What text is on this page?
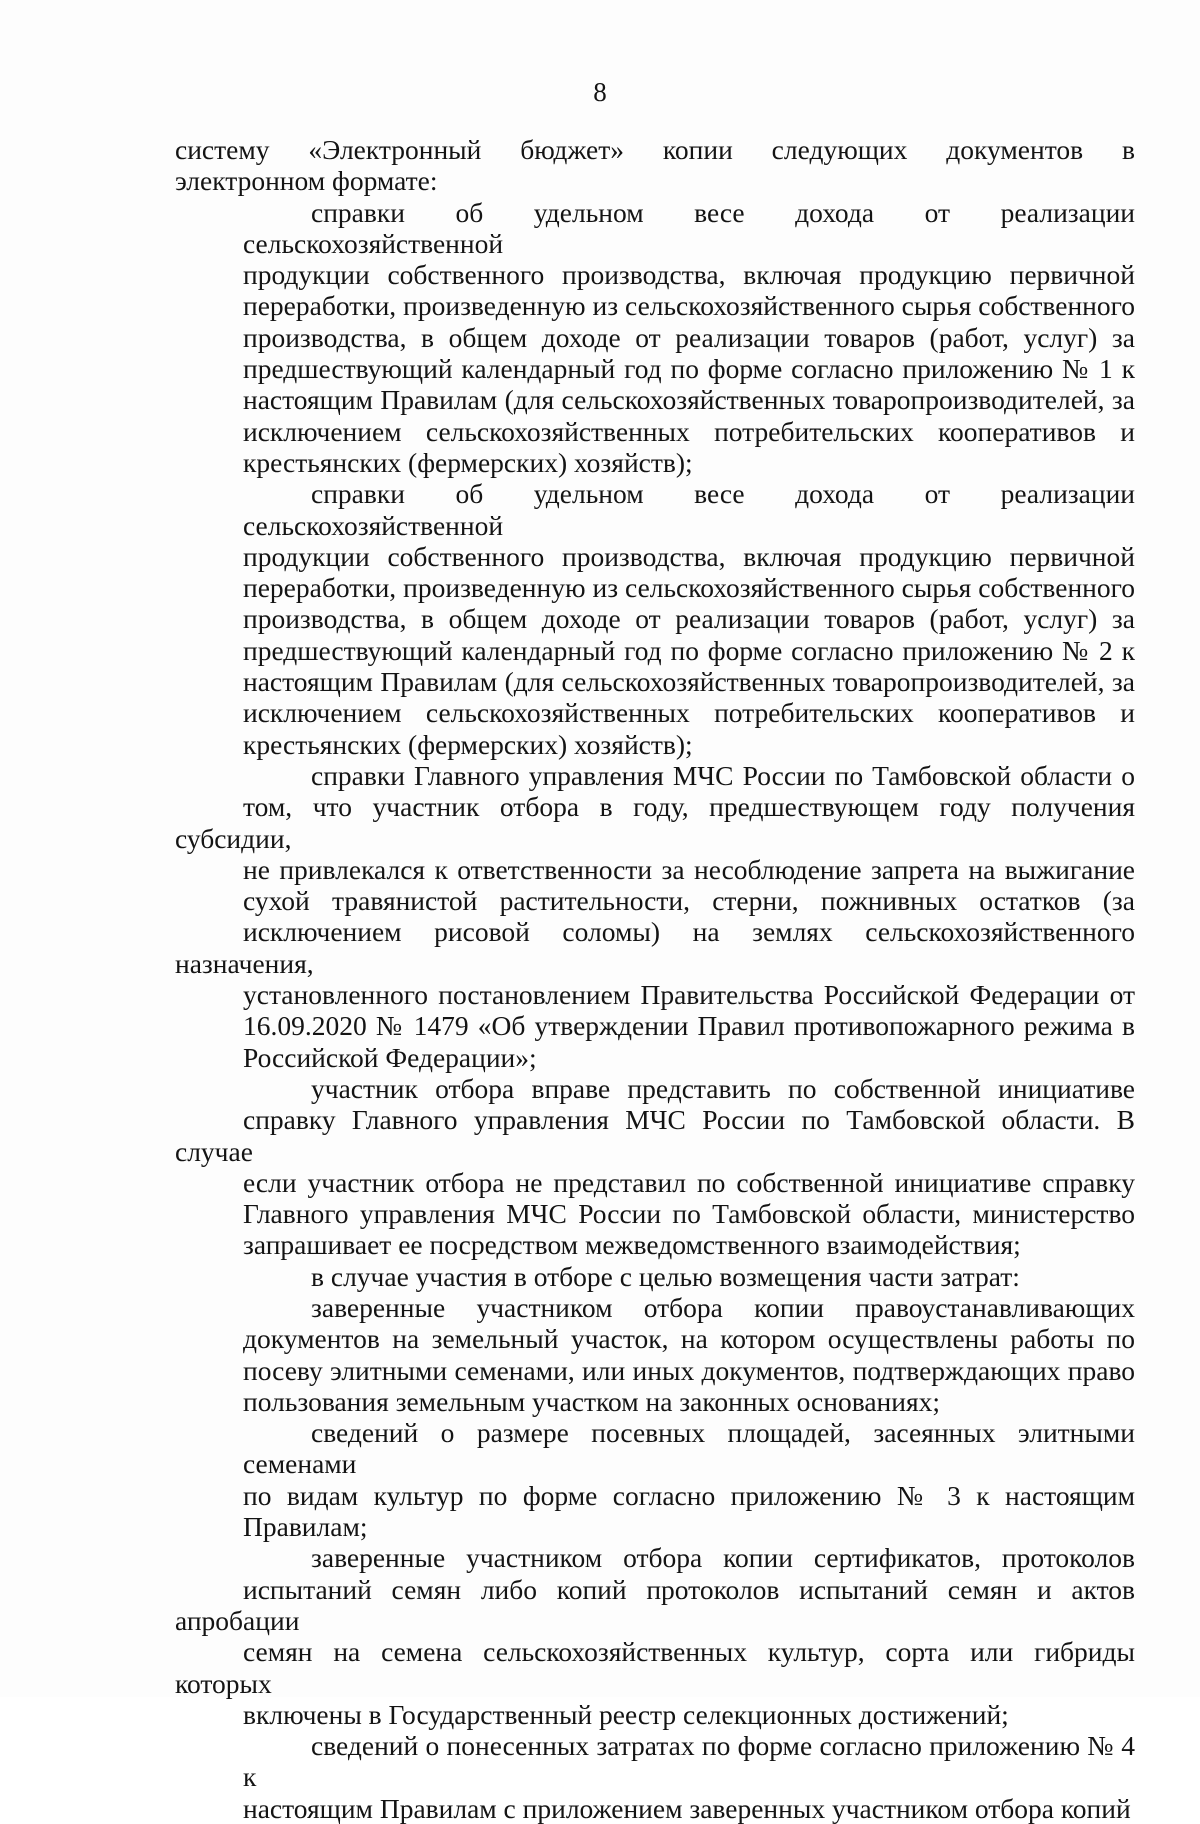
8
систему «Электронный бюджет» копии следующих документов в
электронном формате:
справки об удельном весе дохода от реализации сельскохозяйственной
продукции собственного производства, включая продукцию первичной
переработки, произведенную из сельскохозяйственного сырья собственного
производства, в общем доходе от реализации товаров (работ, услуг) за
предшествующий календарный год по форме согласно приложению № 1 к
настоящим Правилам (для сельскохозяйственных товаропроизводителей, за
исключением сельскохозяйственных потребительских кооперативов и
крестьянских (фермерских) хозяйств);
справки об удельном весе дохода от реализации сельскохозяйственной
продукции собственного производства, включая продукцию первичной
переработки, произведенную из сельскохозяйственного сырья собственного
производства, в общем доходе от реализации товаров (работ, услуг) за
предшествующий календарный год по форме согласно приложению № 2 к
настоящим Правилам (для сельскохозяйственных товаропроизводителей, за
исключением сельскохозяйственных потребительских кооперативов и
крестьянских (фермерских) хозяйств);
справки Главного управления МЧС России по Тамбовской области о
том, что участник отбора в году, предшествующем году получения субсидии,
не привлекался к ответственности за несоблюдение запрета на выжигание
сухой травянистой растительности, стерни, пожнивных остатков (за
исключением рисовой соломы) на землях сельскохозяйственного назначения,
установленного постановлением Правительства Российской Федерации от
16.09.2020 № 1479 «Об утверждении Правил противопожарного режима в
Российской Федерации»;
участник отбора вправе представить по собственной инициативе
справку Главного управления МЧС России по Тамбовской области. В случае
если участник отбора не представил по собственной инициативе справку
Главного управления МЧС России по Тамбовской области, министерство
запрашивает ее посредством межведомственного взаимодействия;
в случае участия в отборе с целью возмещения части затрат:
заверенные участником отбора копии правоустанавливающих
документов на земельный участок, на котором осуществлены работы по
посеву элитными семенами, или иных документов, подтверждающих право
пользования земельным участком на законных основаниях;
сведений о размере посевных площадей, засеянных элитными семенами
по видам культур по форме согласно приложению № 3 к настоящим
Правилам;
заверенные участником отбора копии сертификатов, протоколов
испытаний семян либо копий протоколов испытаний семян и актов апробации
семян на семена сельскохозяйственных культур, сорта или гибриды которых
включены в Государственный реестр селекционных достижений;
сведений о понесенных затратах по форме согласно приложению № 4 к
настоящим Правилам с приложением заверенных участником отбора копий
